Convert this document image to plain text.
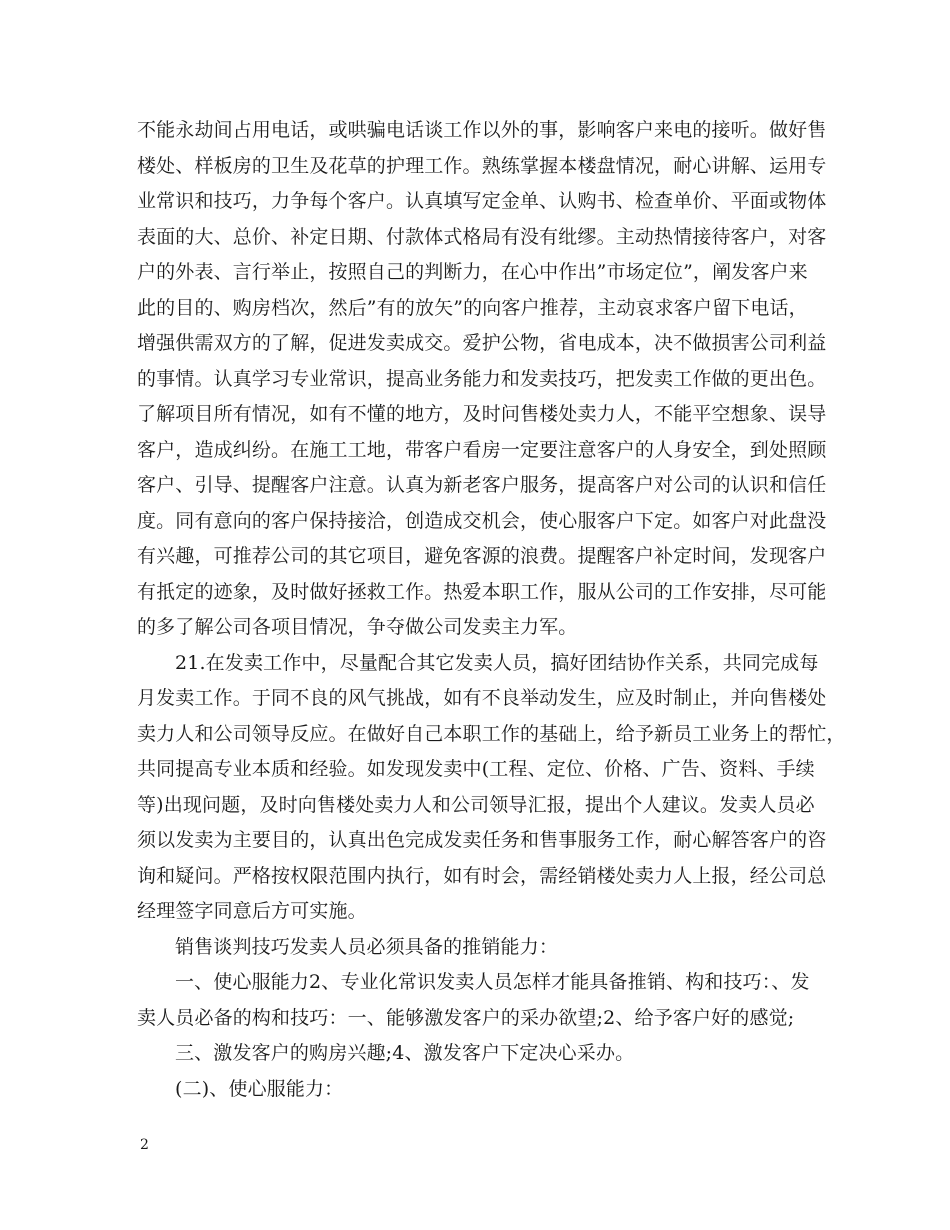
不能永劫间占用电话，或哄骗电话谈工作以外的事，影响客户来电的接听。做好售
楼处、样板房的卫生及花草的护理工作。熟练掌握本楼盘情况，耐心讲解、运用专
业常识和技巧，力争每个客户。认真填写定金单、认购书、检查单价、平面或物体
表面的大、总价、补定日期、付款体式格局有没有纰缪。主动热情接待客户，对客
户的外表、言行举止，按照自己的判断力，在心中作出”市场定位”，阐发客户来
此的目的、购房档次，然后”有的放矢”的向客户推荐，主动哀求客户留下电话，
增强供需双方的了解，促进发卖成交。爱护公物，省电成本，决不做损害公司利益
的事情。认真学习专业常识，提高业务能力和发卖技巧，把发卖工作做的更出色。
了解项目所有情况，如有不懂的地方，及时问售楼处卖力人，不能平空想象、误导
客户，造成纠纷。在施工工地，带客户看房一定要注意客户的人身安全，到处照顾
客户、引导、提醒客户注意。认真为新老客户服务，提高客户对公司的认识和信任
度。同有意向的客户保持接洽，创造成交机会，使心服客户下定。如客户对此盘没
有兴趣，可推荐公司的其它项目，避免客源的浪费。提醒客户补定时间，发现客户
有扺定的迹象，及时做好拯救工作。热爱本职工作，服从公司的工作安排，尽可能
的多了解公司各项目情况，争夺做公司发卖主力军。
21.在发卖工作中，尽量配合其它发卖人员，搞好团结协作关系，共同完成每
月发卖工作。于同不良的风气挑战，如有不良举动发生，应及时制止，并向售楼处
卖力人和公司领导反应。在做好自己本职工作的基础上，给予新员工业务上的帮忙，
共同提高专业本质和经验。如发现发卖中(工程、定位、价格、广告、资料、手续
等)出现问题，及时向售楼处卖力人和公司领导汇报，提出个人建议。发卖人员必
须以发卖为主要目的，认真出色完成发卖任务和售事服务工作，耐心解答客户的咨
询和疑问。严格按权限范围内执行，如有时会，需经销楼处卖力人上报，经公司总
经理签字同意后方可实施。
销售谈判技巧发卖人员必须具备的推销能力：
一、使心服能力2、专业化常识发卖人员怎样才能具备推销、构和技巧：、发
卖人员必备的构和技巧：一、能够激发客户的采办欲望;2、给予客户好的感觉;
三、激发客户的购房兴趣;4、激发客户下定决心采办。
(二)、使心服能力：
2
